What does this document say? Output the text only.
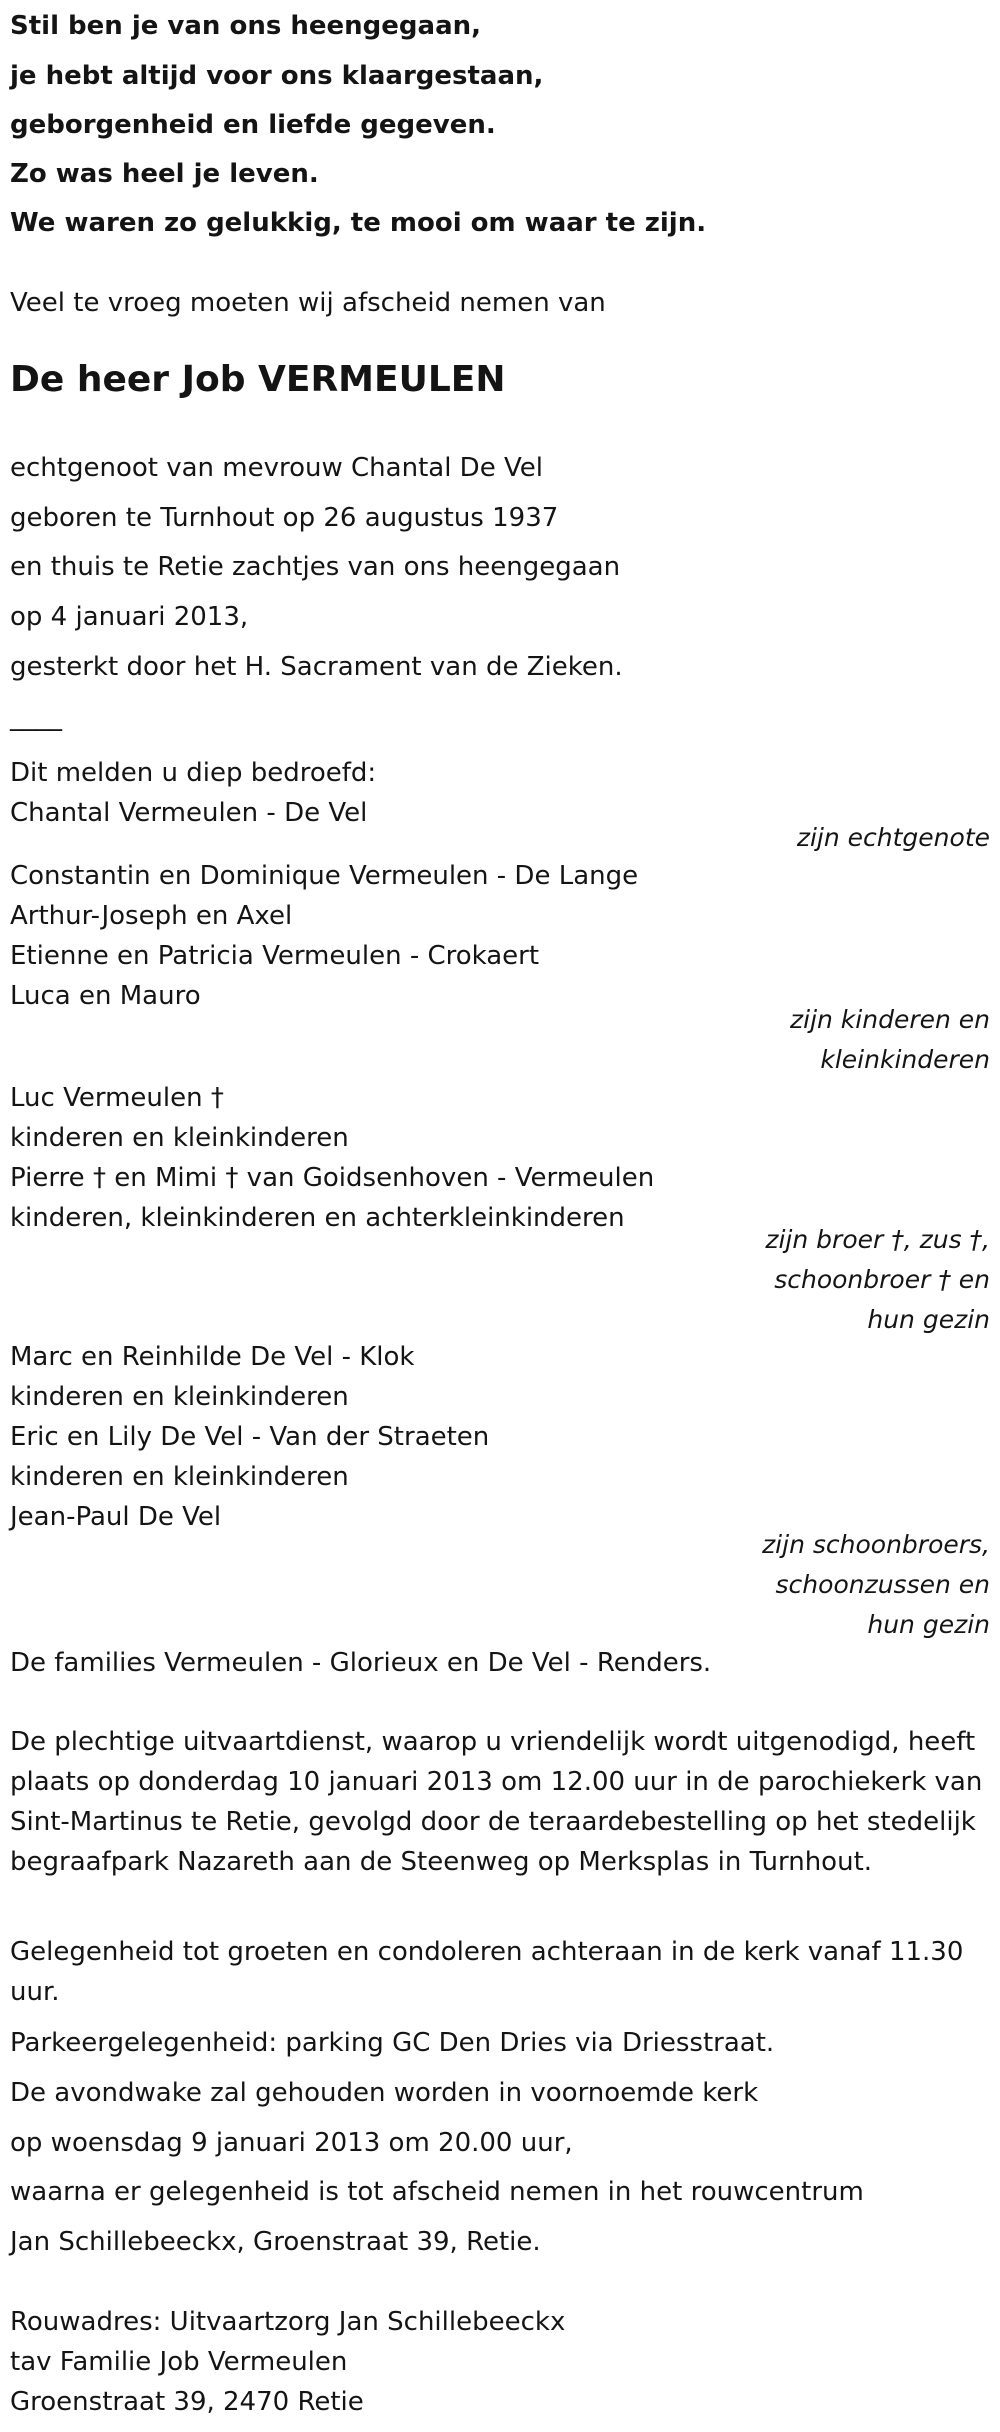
Stil ben je van ons heengegaan,
je hebt altijd voor ons klaargestaan,
geborgenheid en liefde gegeven.
Zo was heel je leven.
We waren zo gelukkig, te mooi om waar te zijn.
Veel te vroeg moeten wij afscheid nemen van
De heer Job VERMEULEN
echtgenoot van mevrouw Chantal De Vel
geboren te Turnhout op 26 augustus 1937
en thuis te Retie zachtjes van ons heengegaan
op 4 januari 2013,
gesterkt door het H. Sacrament van de Zieken.
____
Dit melden u diep bedroefd:
Chantal Vermeulen - De Vel
zijn echtgenote
Constantin en Dominique Vermeulen - De Lange
Arthur-Joseph en Axel
Etienne en Patricia Vermeulen - Crokaert
Luca en Mauro
zijn kinderen en
kleinkinderen
Luc Vermeulen †
kinderen en kleinkinderen
Pierre † en Mimi † van Goidsenhoven - Vermeulen
kinderen, kleinkinderen en achterkleinkinderen
zijn broer †, zus †,
schoonbroer † en
hun gezin
Marc en Reinhilde De Vel - Klok
kinderen en kleinkinderen
Eric en Lily De Vel - Van der Straeten
kinderen en kleinkinderen
Jean-Paul De Vel
zijn schoonbroers,
schoonzussen en
hun gezin
De families Vermeulen - Glorieux en De Vel - Renders.
De plechtige uitvaartdienst, waarop u vriendelijk wordt uitgenodigd, heeft plaats op donderdag 10 januari 2013 om 12.00 uur in de parochiekerk van Sint-Martinus te Retie, gevolgd door de teraardebestelling op het stedelijk begraafpark Nazareth aan de Steenweg op Merksplas in Turnhout.
Gelegenheid tot groeten en condoleren achteraan in de kerk vanaf 11.30 uur.
Parkeergelegenheid: parking GC Den Dries via Driesstraat.
De avondwake zal gehouden worden in voornoemde kerk
op woensdag 9 januari 2013 om 20.00 uur,
waarna er gelegenheid is tot afscheid nemen in het rouwcentrum
Jan Schillebeeckx, Groenstraat 39, Retie.
Rouwadres: Uitvaartzorg Jan Schillebeeckx
tav Familie Job Vermeulen
Groenstraat 39, 2470 Retie
